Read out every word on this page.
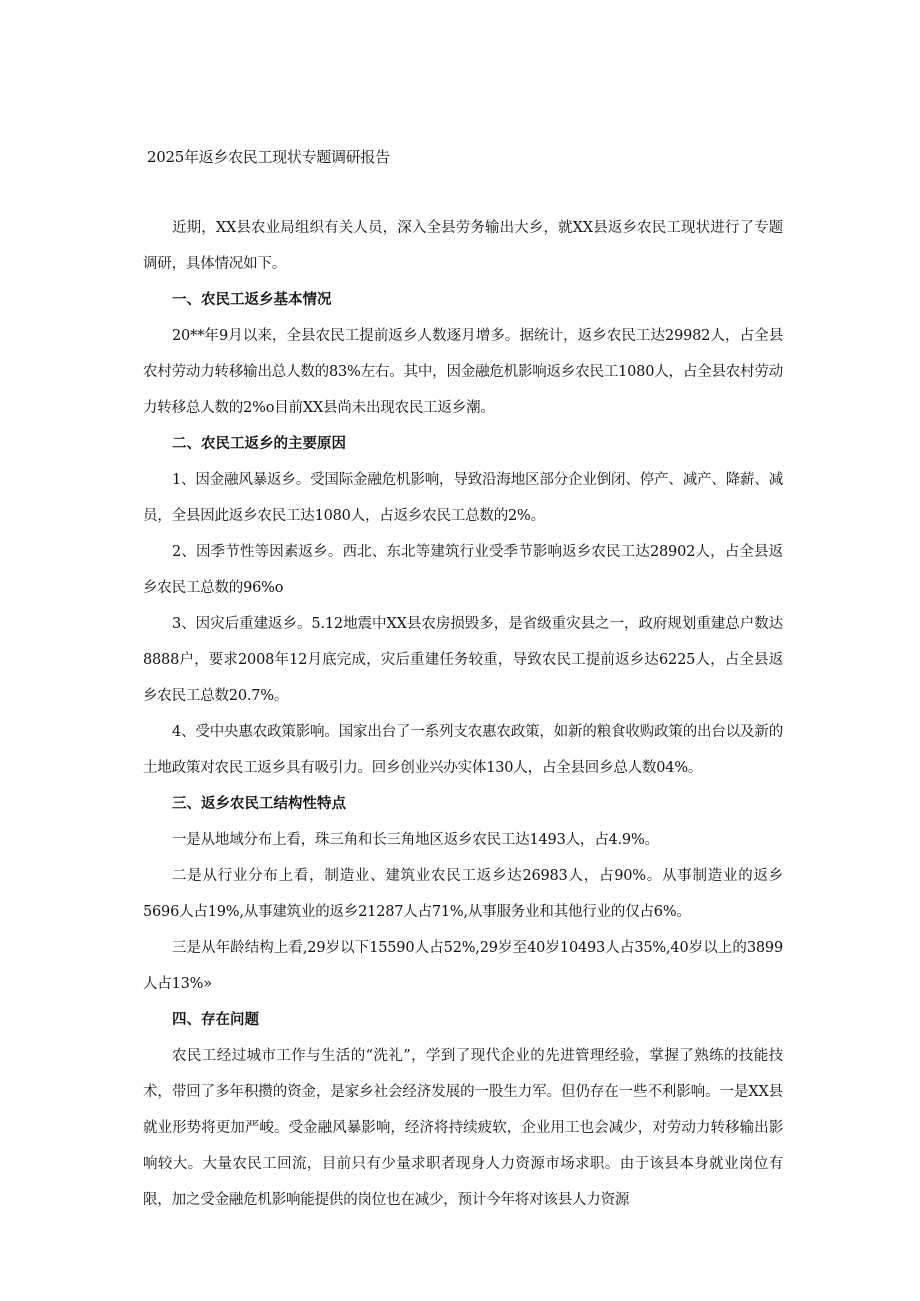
2025年返乡农民工现状专题调研报告

近期，XX县农业局组织有关人员，深入全县劳务输出大乡，就XX县返乡农民工现状进行了专题调研，具体情况如下。

一、农民工返乡基本情况

20**年9月以来，全县农民工提前返乡人数逐月增多。据统计，返乡农民工达29982人，占全县农村劳动力转移输出总人数的83%左右。其中，因金融危机影响返乡农民工1080人，占全县农村劳动力转移总人数的2%o目前XX县尚未出现农民工返乡潮。

二、农民工返乡的主要原因

1、因金融风暴返乡。受国际金融危机影响，导致沿海地区部分企业倒闭、停产、减产、降薪、减员，全县因此返乡农民工达1080人，占返乡农民工总数的2%。

2、因季节性等因素返乡。西北、东北等建筑行业受季节影响返乡农民工达28902人，占全县返乡农民工总数的96%o

3、因灾后重建返乡。5.12地震中XX县农房损毁多，是省级重灾县之一，政府规划重建总户数达8888户，要求2008年12月底完成，灾后重建任务较重，导致农民工提前返乡达6225人，占全县返乡农民工总数20.7%。

4、受中央惠农政策影响。国家出台了一系列支农惠农政策，如新的粮食收购政策的出台以及新的土地政策对农民工返乡具有吸引力。回乡创业兴办实体130人，占全县回乡总人数04%。

三、返乡农民工结构性特点

一是从地域分布上看，珠三角和长三角地区返乡农民工达1493人，占4.9%。

二是从行业分布上看，制造业、建筑业农民工返乡达26983人，占90%。从事制造业的返乡5696人占19%,从事建筑业的返乡21287人占71%,从事服务业和其他行业的仅占6%。

三是从年龄结构上看,29岁以下15590人占52%,29岁至40岁10493人占35%,40岁以上的3899人占13%»

四、存在问题

农民工经过城市工作与生活的“洗礼”，学到了现代企业的先进管理经验，掌握了熟练的技能技术，带回了多年积攒的资金，是家乡社会经济发展的一股生力军。但仍存在一些不利影响。一是XX县就业形势将更加严峻。受金融风暴影响，经济将持续疲软，企业用工也会减少，对劳动力转移输出影响较大。大量农民工回流，目前只有少量求职者现身人力资源市场求职。由于该县本身就业岗位有限，加之受金融危机影响能提供的岗位也在减少，预计今年将对该县人力资源
